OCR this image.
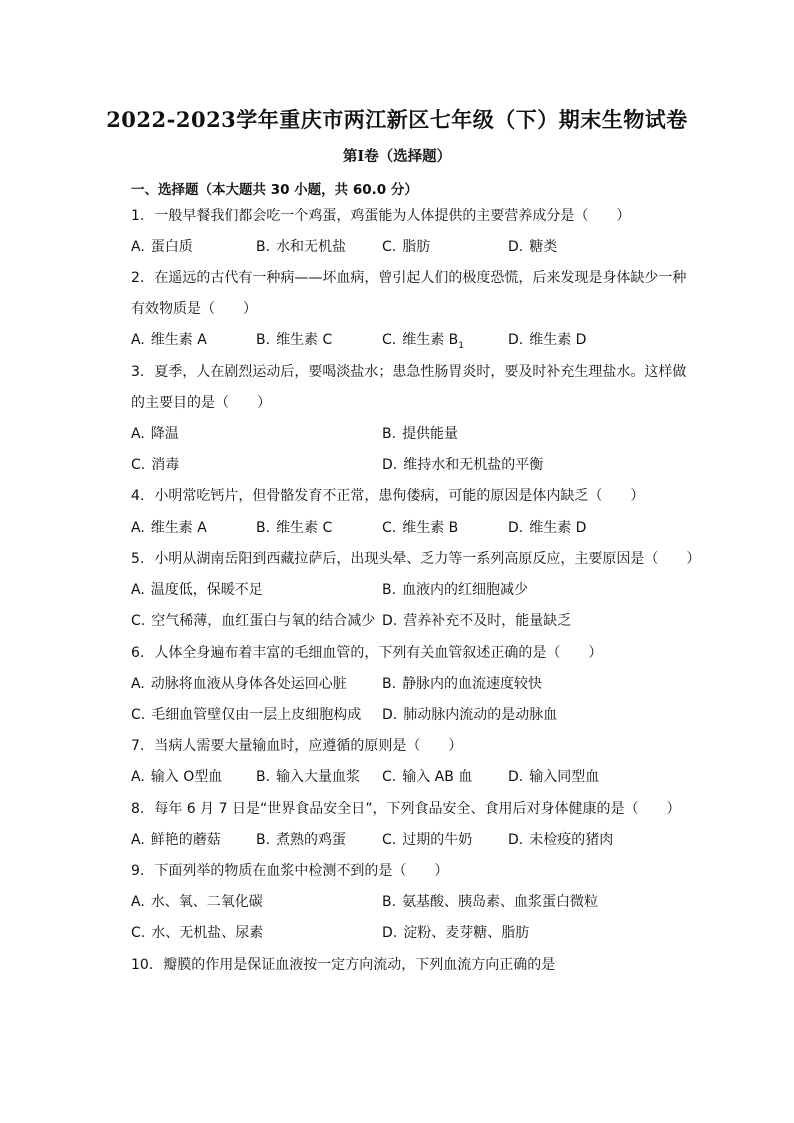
2022-2023学年重庆市两江新区七年级（下）期末生物试卷
第Ⅰ卷（选择题）
一、选择题（本大题共 30 小题，共 60.0 分）
1. 一般早餐我们都会吃一个鸡蛋，鸡蛋能为人体提供的主要营养成分是（　　）
A. 蛋白质	B. 水和无机盐	C. 脂肪	D. 糖类
2. 在遥远的古代有一种病——坏血病，曾引起人们的极度恐慌，后来发现是身体缺少一种
有效物质是（　　）
A. 维生素 A	B. 维生素 C	C. 维生素 $B_1$	D. 维生素 D
3. 夏季，人在剧烈运动后，要喝淡盐水；患急性肠胃炎时，要及时补充生理盐水。这样做
的主要目的是（　　）
A. 降温	B. 提供能量
C. 消毒	D. 维持水和无机盐的平衡
4. 小明常吃钙片，但骨骼发育不正常，患佝偻病，可能的原因是体内缺乏（　　）
A. 维生素 A	B. 维生素 C	C. 维生素 B	D. 维生素 D
5. 小明从湖南岳阳到西藏拉萨后，出现头晕、乏力等一系列高原反应，主要原因是（　　）
A. 温度低，保暖不足	B. 血液内的红细胞减少
C. 空气稀薄，血红蛋白与氧的结合减少 D. 营养补充不及时，能量缺乏
6. 人体全身遍布着丰富的毛细血管的，下列有关血管叙述正确的是（　　）
A. 动脉将血液从身体各处运回心脏	B. 静脉内的血流速度较快
C. 毛细血管壁仅由一层上皮细胞构成 D. 肺动脉内流动的是动脉血
7. 当病人需要大量输血时，应遵循的原则是（　　）
A. 输入 O型血 B. 输入大量血浆 C. 输入 AB 血	D. 输入同型血
8. 每年 6 月 7 日是“世界食品安全日”，下列食品安全、食用后对身体健康的是（　　）
A. 鲜艳的蘑菇	B. 煮熟的鸡蛋	C. 过期的牛奶	D. 未检疫的猪肉
9. 下面列举的物质在血浆中检测不到的是（　　）
A. 水、氧、二氧化碳	B. 氨基酸、胰岛素、血浆蛋白微粒
C. 水、无机盐、尿素	D. 淀粉、麦芽糖、脂肪
10. 瓣膜的作用是保证血液按一定方向流动，下列血流方向正确的是
